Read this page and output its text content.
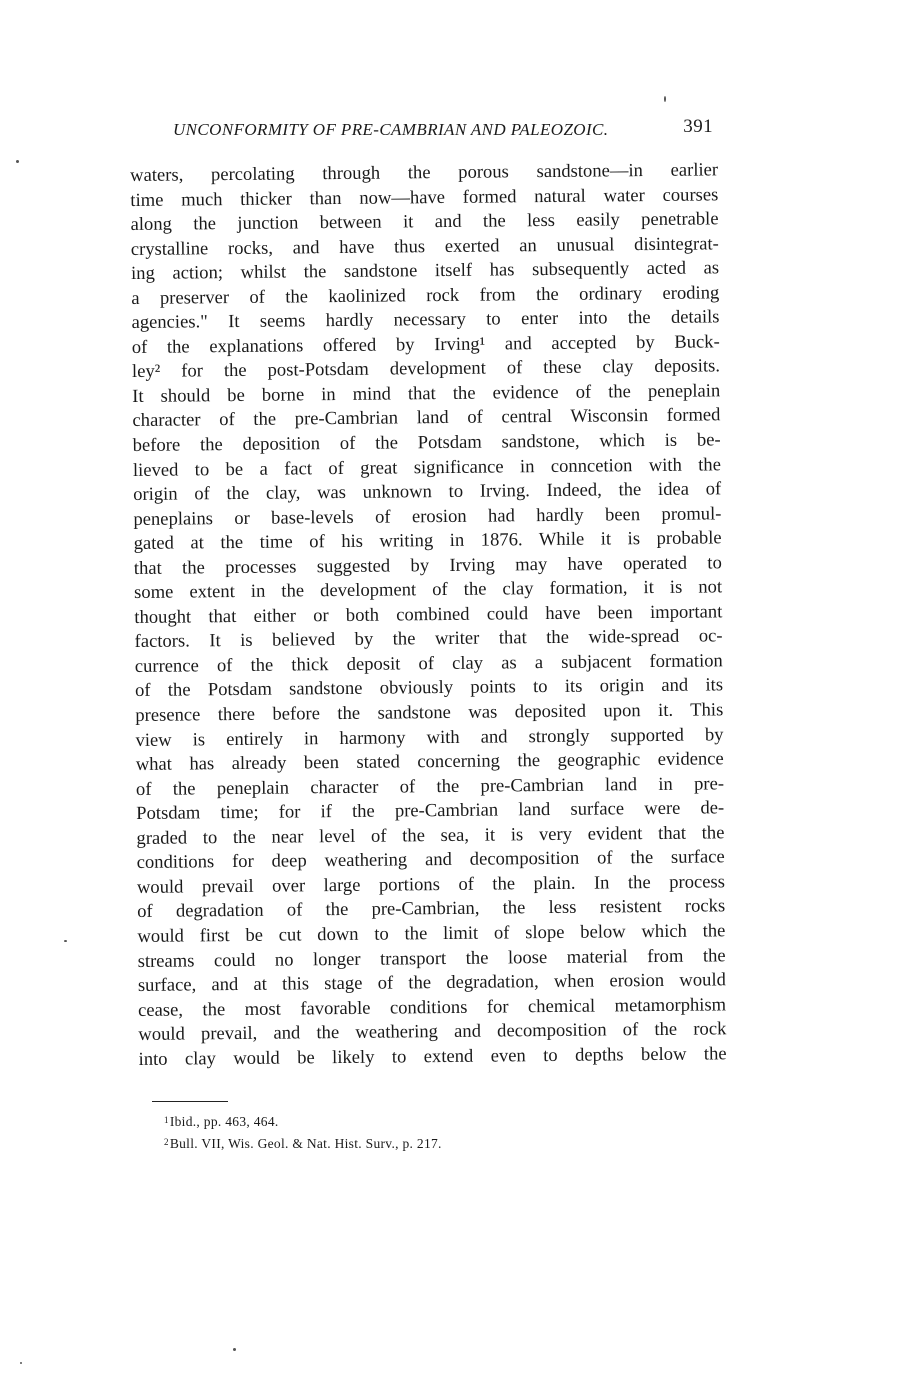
UNCONFORMITY OF PRE-CAMBRIAN AND PALEOZOIC.	391
waters, percolating through the porous sandstone—in earlier
time much thicker than now—have formed natural water courses
along the junction between it and the less easily penetrable
crystalline rocks, and have thus exerted an unusual disintegrat-
ing action; whilst the sandstone itself has subsequently acted as
a preserver of the kaolinized rock from the ordinary eroding
agencies." It seems hardly necessary to enter into the details
of the explanations offered by Irving¹ and accepted by Buck-
ley² for the post-Potsdam development of these clay deposits.
It should be borne in mind that the evidence of the peneplain
character of the pre-Cambrian land of central Wisconsin formed
before the deposition of the Potsdam sandstone, which is be-
lieved to be a fact of great significance in conncetion with the
origin of the clay, was unknown to Irving. Indeed, the idea of
peneplains or base-levels of erosion had hardly been promul-
gated at the time of his writing in 1876. While it is probable
that the processes suggested by Irving may have operated to
some extent in the development of the clay formation, it is not
thought that either or both combined could have been important
factors. It is believed by the writer that the wide-spread oc-
currence of the thick deposit of clay as a subjacent formation
of the Potsdam sandstone obviously points to its origin and its
presence there before the sandstone was deposited upon it. This
view is entirely in harmony with and strongly supported by
what has already been stated concerning the geographic evidence
of the peneplain character of the pre-Cambrian land in pre-
Potsdam time; for if the pre-Cambrian land surface were de-
graded to the near level of the sea, it is very evident that the
conditions for deep weathering and decomposition of the surface
would prevail over large portions of the plain. In the process
of degradation of the pre-Cambrian, the less resistent rocks
would first be cut down to the limit of slope below which the
streams could no longer transport the loose material from the
surface, and at this stage of the degradation, when erosion would
cease, the most favorable conditions for chemical metamorphism
would prevail, and the weathering and decomposition of the rock
into clay would be likely to extend even to depths below the
$^1$Ibid., pp. 463, 464.
$^2$Bull. VII, Wis. Geol. & Nat. Hist. Surv., p. 217.
